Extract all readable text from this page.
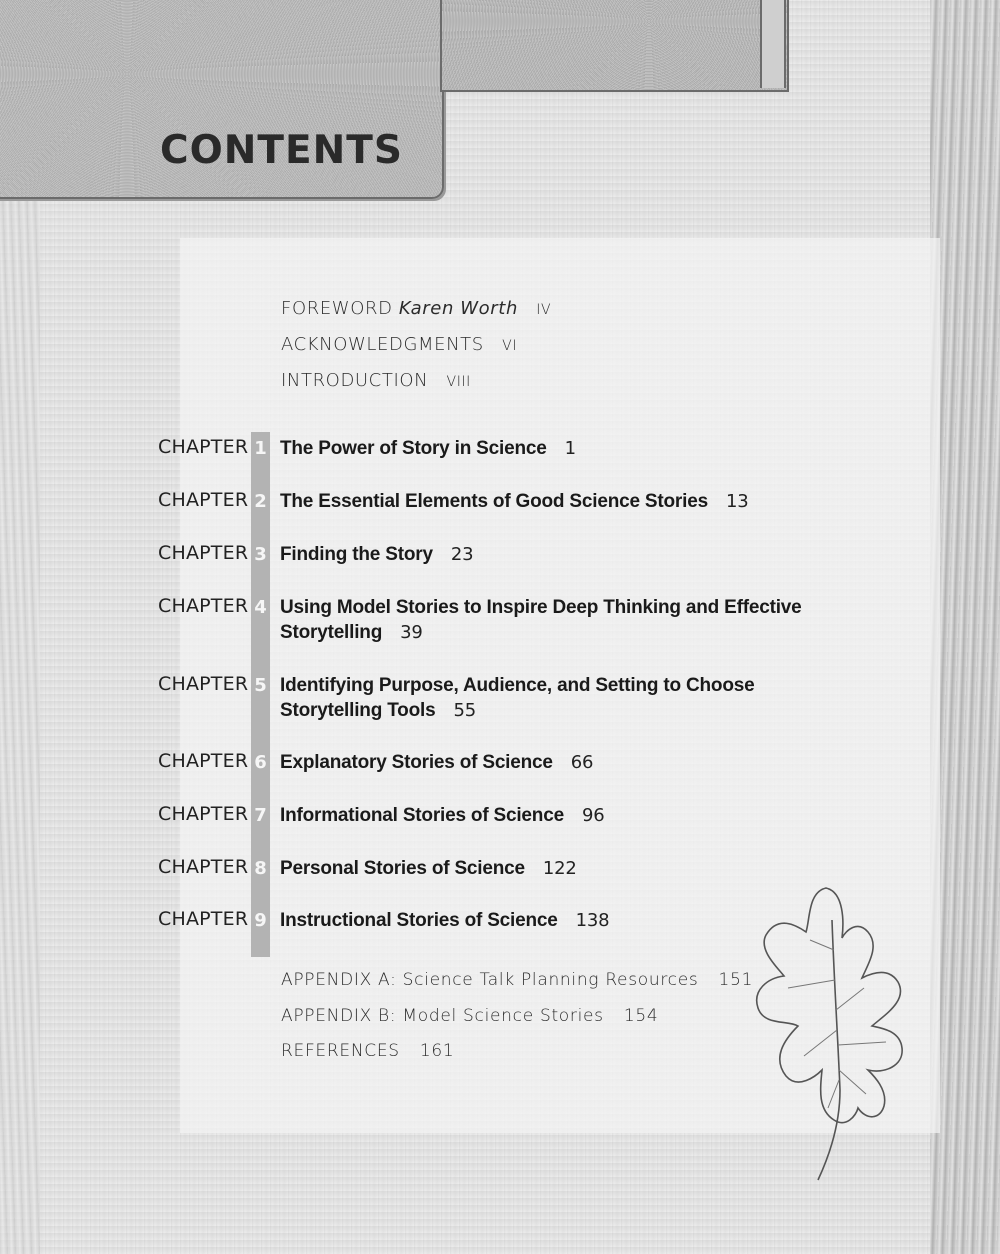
CONTENTS
FOREWORD Karen Worth IV
ACKNOWLEDGMENTS VI
INTRODUCTION VIII
CHAPTER 1 The Power of Story in Science 1
CHAPTER 2 The Essential Elements of Good Science Stories 13
CHAPTER 3 Finding the Story 23
CHAPTER 4 Using Model Stories to Inspire Deep Thinking and Effective Storytelling 39
CHAPTER 5 Identifying Purpose, Audience, and Setting to Choose Storytelling Tools 55
CHAPTER 6 Explanatory Stories of Science 66
CHAPTER 7 Informational Stories of Science 96
CHAPTER 8 Personal Stories of Science 122
CHAPTER 9 Instructional Stories of Science 138
APPENDIX A: Science Talk Planning Resources 151
APPENDIX B: Model Science Stories 154
REFERENCES 161
